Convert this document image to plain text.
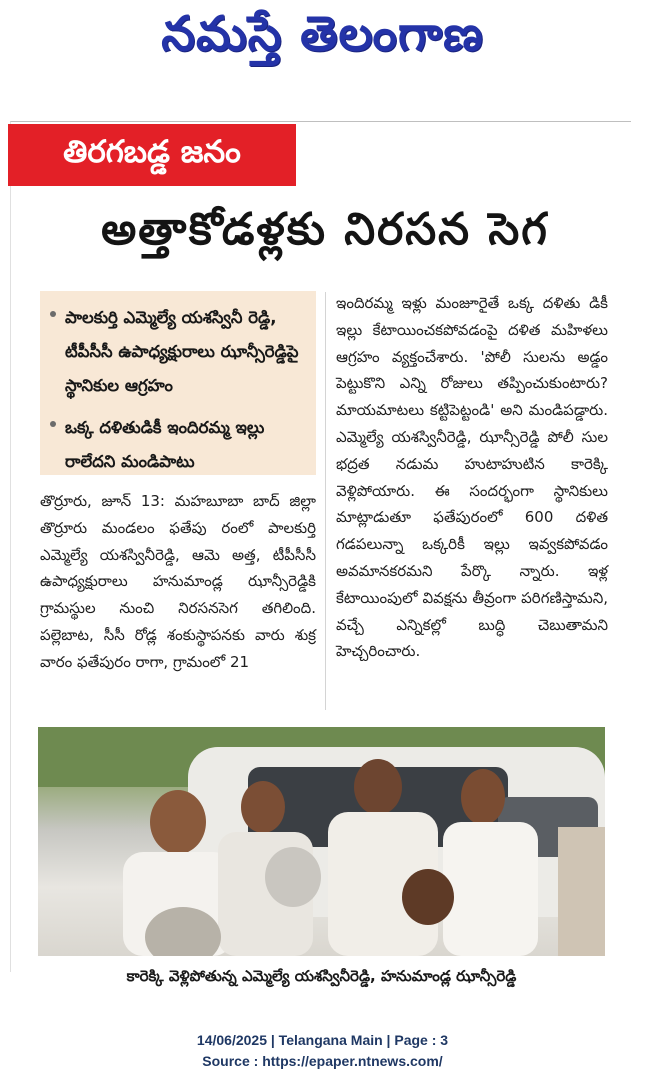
నమస్తే తెలంగాణ
తిరగబడ్డ జనం
అత్తాకోడళ్లకు నిరసన సెగ
పాలకుర్తి ఎమ్మెల్యే యశస్వినీ రెడ్డి, టీపీసీసీ ఉపాధ్యక్షురాలు ఝాన్సీరెడ్డిపై స్థానికుల ఆగ్రహం
ఒక్క దళితుడికీ ఇందిరమ్మ ఇల్లు రాలేదని మండిపాటు
తొర్రూరు, జూన్ 13: మహబూబా బాద్ జిల్లా తొర్రూరు మండలం ఫతేపు రంలో పాలకుర్తి ఎమ్మెల్యే యశస్వినీరెడ్డి, ఆమె అత్త, టీపీసీసీ ఉపాధ్యక్షురాలు హనుమాండ్ల ఝాన్సీరెడ్డికి గ్రామస్థుల నుంచి నిరసనసెగ తగిలింది. పల్లెబాట, సీసీ రోడ్ల శంకుస్థాపనకు వారు శుక్ర వారం ఫతేపురం రాగా, గ్రామంలో 21
ఇందిరమ్మ ఇళ్లు మంజూరైతే ఒక్క దళితు డికీ ఇల్లు కేటాయించకపోవడంపై దళిత మహిళలు ఆగ్రహం వ్యక్తంచేశారు. 'పోలీ సులను అడ్డం పెట్టుకొని ఎన్ని రోజులు తప్పించుకుంటారు? మాయమాటలు కట్టిపెట్టండి' అని మండిపడ్డారు. ఎమ్మెల్యే యశస్వినీరెడ్డి, ఝాన్సీరెడ్డి పోలీ సుల భద్రత నడుమ హుటాహుటిన కారెక్కి వెళ్లిపోయారు. ఈ సందర్భంగా స్థానికులు మాట్లాడుతూ ఫతేపురంలో 600 దళిత గడపలున్నా ఒక్కరికీ ఇల్లు ఇవ్వకపోవడం అవమానకరమని పేర్కొ న్నారు. ఇళ్ల కేటాయింపులో వివక్షను తీవ్రంగా పరిగణిస్తామని, వచ్చే ఎన్నికల్లో బుద్ధి చెబుతామని హెచ్చరించారు.
కారెక్కి వెళ్లిపోతున్న ఎమ్మెల్యే యశస్వినీరెడ్డి, హనుమాండ్ల ఝాన్సీరెడ్డి
14/06/2025 | Telangana Main | Page : 3
Source : https://epaper.ntnews.com/
